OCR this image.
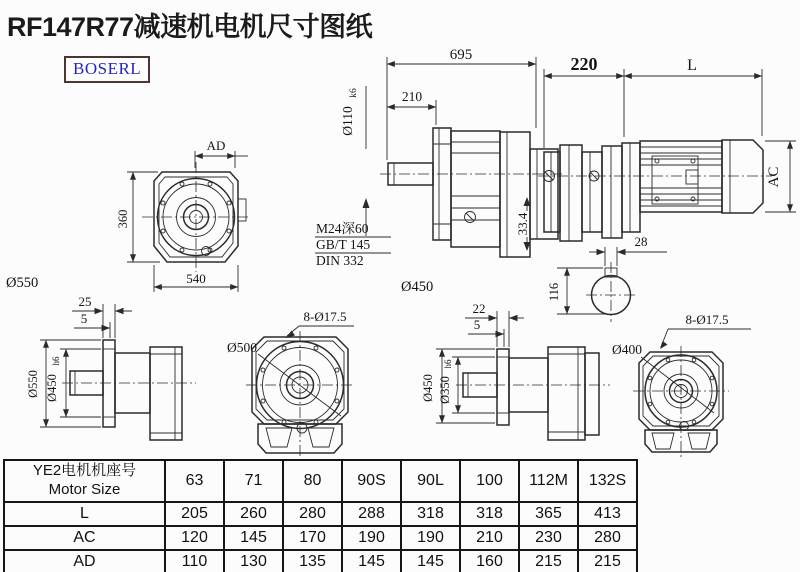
RF147R77减速机电机尺寸图纸
BOSERL
AD
360
540
Ø550	Ø450
695
210
Ø110
k6
33.4
M24深60
GB/T 145
DIN 332
220	L
AC
116
28
25
5
Ø550 Ø450
h6
Ø500
8-Ø17.5
22
5
Ø450 Ø350
h6
Ø400
8-Ø17.5
YE2电机机座号
Motor Size	63	71	80	90S	90L	100	112M	132S
L	205	260	280	288	318	318	365	413
AC	120	145	170	190	190	210	230	280
AD	110	130	135	145	145	160	215	215
